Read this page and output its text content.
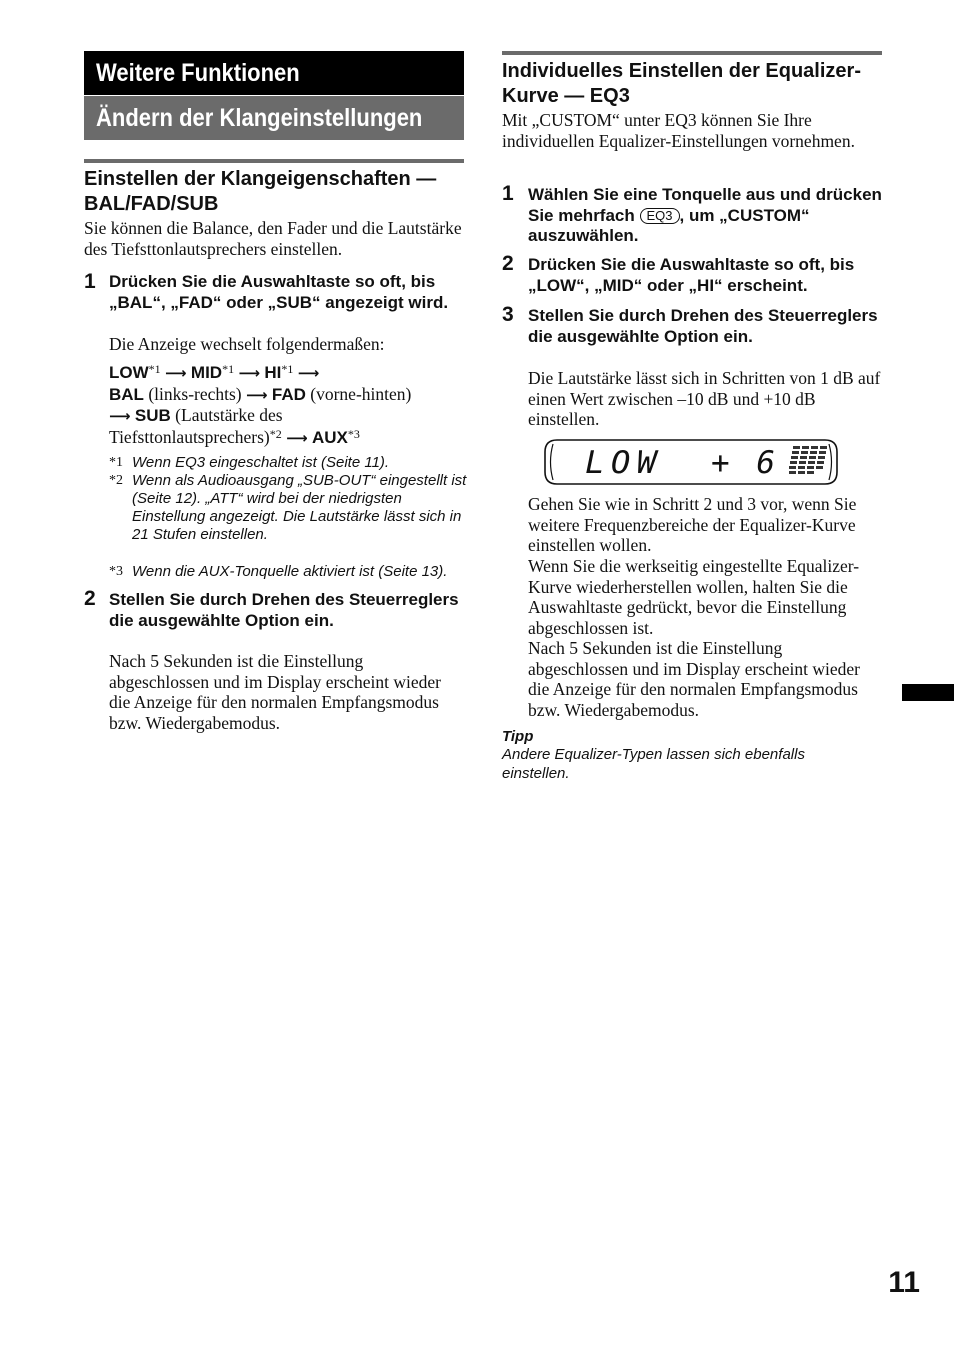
Weitere Funktionen
Ändern der Klangeinstellungen
Einstellen der Klangeigenschaften — BAL/FAD/SUB
Sie können die Balance, den Fader und die Lautstärke des Tiefsttonlautsprechers einstellen.
1 Drücken Sie die Auswahltaste so oft, bis „BAL“, „FAD“ oder „SUB“ angezeigt wird.
Die Anzeige wechselt folgendermaßen:
LOW$^{*1}$ ⟶ MID$^{*1}$ ⟶ HI$^{*1}$ ⟶
BAL (links-rechts) ⟶ FAD (vorne-hinten)
⟶ SUB (Lautstärke des
Tiefsttonlautsprechers)$^{*2}$ ⟶ AUX$^{*3}$
*1 Wenn EQ3 eingeschaltet ist (Seite 11).
*2 Wenn als Audioausgang „SUB-OUT“ eingestellt ist (Seite 12). „ATT“ wird bei der niedrigsten Einstellung angezeigt. Die Lautstärke lässt sich in 21 Stufen einstellen.
*3 Wenn die AUX-Tonquelle aktiviert ist (Seite 13).
2 Stellen Sie durch Drehen des Steuerreglers die ausgewählte Option ein.
Nach 5 Sekunden ist die Einstellung abgeschlossen und im Display erscheint wieder die Anzeige für den normalen Empfangsmodus bzw. Wiedergabemodus.
Individuelles Einstellen der Equalizer-Kurve — EQ3
Mit „CUSTOM“ unter EQ3 können Sie Ihre individuellen Equalizer-Einstellungen vornehmen.
1 Wählen Sie eine Tonquelle aus und drücken Sie mehrfach EQ3 , um „CUSTOM“ auszuwählen.
2 Drücken Sie die Auswahltaste so oft, bis „LOW“, „MID“ oder „HI“ erscheint.
3 Stellen Sie durch Drehen des Steuerreglers die ausgewählte Option ein.
Die Lautstärke lässt sich in Schritten von 1 dB auf einen Wert zwischen –10 dB und +10 dB einstellen.
LOW + 6
Gehen Sie wie in Schritt 2 und 3 vor, wenn Sie weitere Frequenzbereiche der Equalizer-Kurve einstellen wollen.
Wenn Sie die werkseitig eingestellte Equalizer-Kurve wiederherstellen wollen, halten Sie die Auswahltaste gedrückt, bevor die Einstellung abgeschlossen ist.
Nach 5 Sekunden ist die Einstellung abgeschlossen und im Display erscheint wieder die Anzeige für den normalen Empfangsmodus bzw. Wiedergabemodus.
Tipp
Andere Equalizer-Typen lassen sich ebenfalls einstellen.
11
